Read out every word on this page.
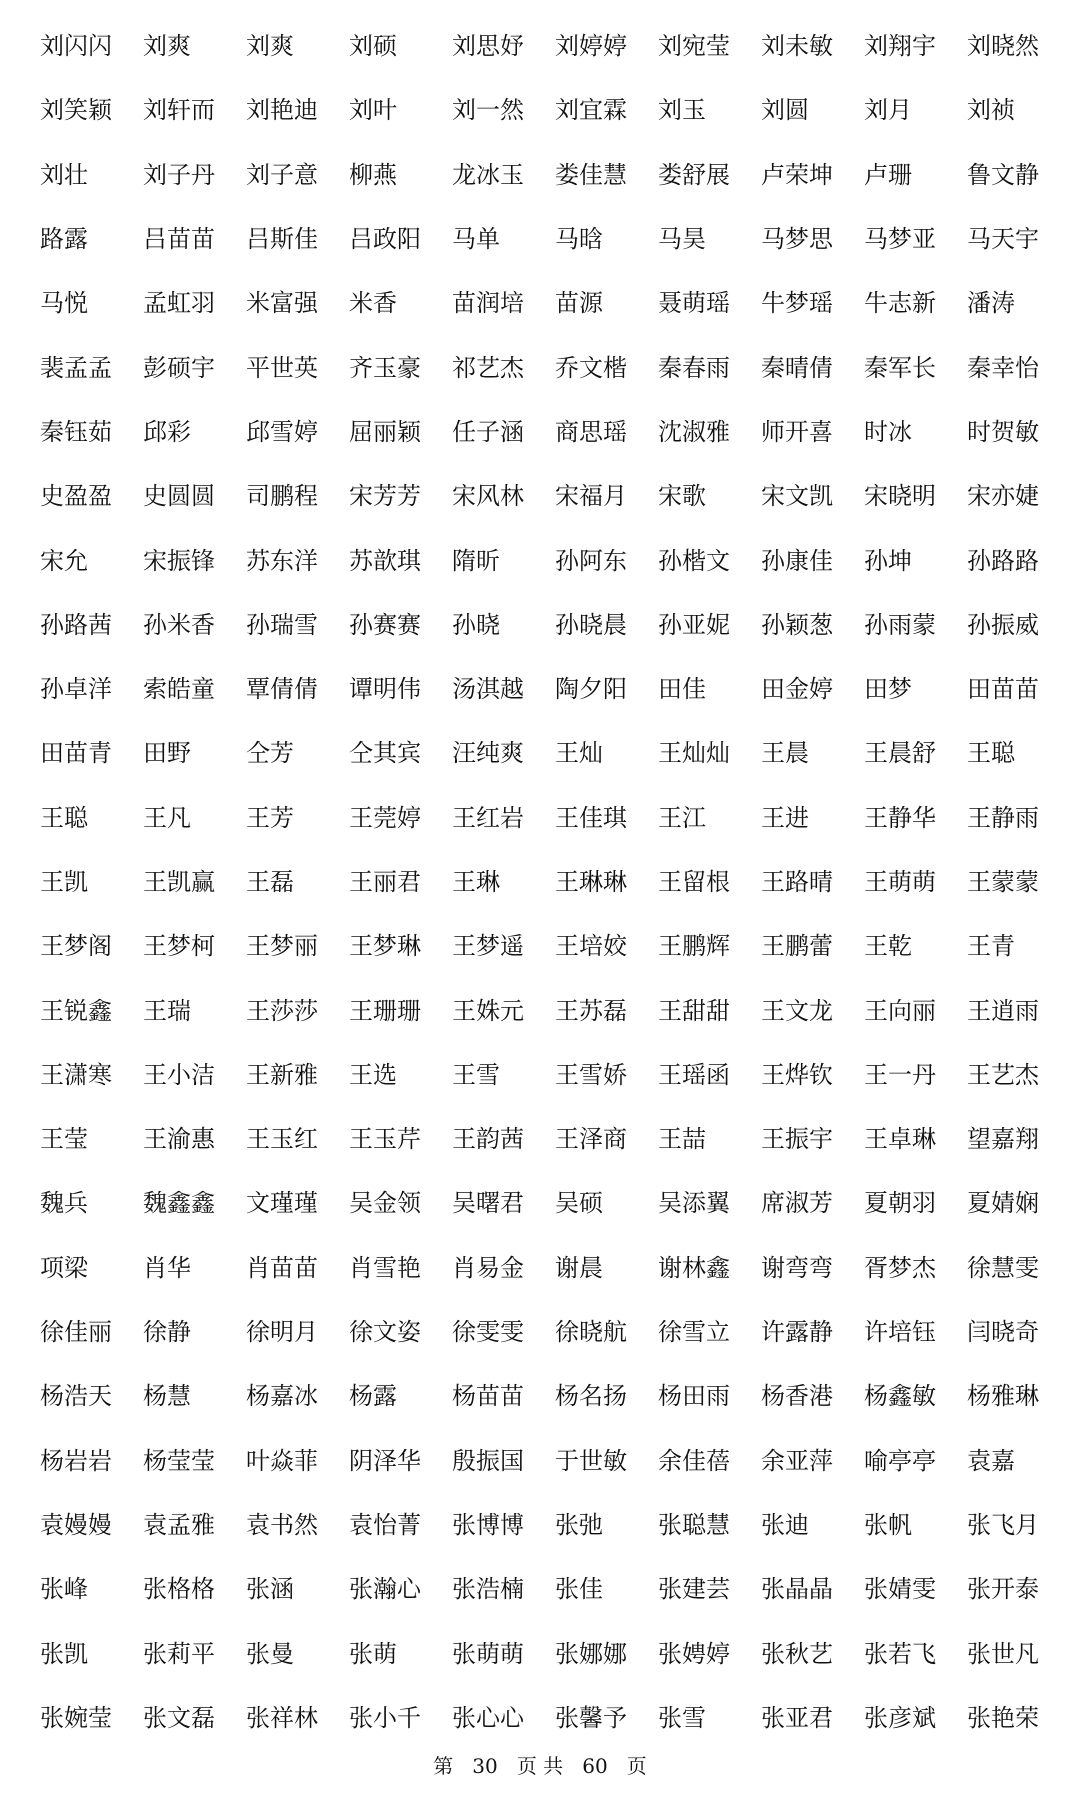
刘闪闪	刘爽	刘爽	刘硕	刘思妤	刘婷婷	刘宛莹	刘未敏	刘翔宇	刘晓然
刘笑颖	刘轩而	刘艳迪	刘叶	刘一然	刘宜霖	刘玉	刘圆	刘月	刘祯
刘壮	刘子丹	刘子意	柳燕	龙冰玉	娄佳慧	娄舒展	卢荣坤	卢珊	鲁文静
路露	吕苗苗	吕斯佳	吕政阳	马单	马晗	马昊	马梦思	马梦亚	马天宇
马悦	孟虹羽	米富强	米香	苗润培	苗源	聂萌瑶	牛梦瑶	牛志新	潘涛
裴孟孟	彭硕宇	平世英	齐玉豪	祁艺杰	乔文楷	秦春雨	秦晴倩	秦军长	秦幸怡
秦钰茹	邱彩	邱雪婷	屈丽颖	任子涵	商思瑶	沈淑雅	师开喜	时冰	时贺敏
史盈盈	史圆圆	司鹏程	宋芳芳	宋风林	宋福月	宋歌	宋文凯	宋晓明	宋亦婕
宋允	宋振锋	苏东洋	苏歆琪	隋昕	孙阿东	孙楷文	孙康佳	孙坤	孙路路
孙路茜	孙米香	孙瑞雪	孙赛赛	孙晓	孙晓晨	孙亚妮	孙颖葱	孙雨蒙	孙振威
孙卓洋	索皓童	覃倩倩	谭明伟	汤淇越	陶夕阳	田佳	田金婷	田梦	田苗苗
田苗青	田野	仝芳	仝其宾	汪纯爽	王灿	王灿灿	王晨	王晨舒	王聪
王聪	王凡	王芳	王莞婷	王红岩	王佳琪	王江	王进	王静华	王静雨
王凯	王凯赢	王磊	王丽君	王琳	王琳琳	王留根	王路晴	王萌萌	王蒙蒙
王梦阁	王梦柯	王梦丽	王梦琳	王梦遥	王培姣	王鹏辉	王鹏蕾	王乾	王青
王锐鑫	王瑞	王莎莎	王珊珊	王姝元	王苏磊	王甜甜	王文龙	王向丽	王逍雨
王潇寒	王小洁	王新雅	王选	王雪	王雪娇	王瑶函	王烨钦	王一丹	王艺杰
王莹	王渝惠	王玉红	王玉芹	王韵茜	王泽商	王喆	王振宇	王卓琳	望嘉翔
魏兵	魏鑫鑫	文瑾瑾	吴金领	吴曙君	吴硕	吴添翼	席淑芳	夏朝羽	夏婧娴
项梁	肖华	肖苗苗	肖雪艳	肖易金	谢晨	谢林鑫	谢弯弯	胥梦杰	徐慧雯
徐佳丽	徐静	徐明月	徐文姿	徐雯雯	徐晓航	徐雪立	许露静	许培钰	闫晓奇
杨浩天	杨慧	杨嘉冰	杨露	杨苗苗	杨名扬	杨田雨	杨香港	杨鑫敏	杨雅琳
杨岩岩	杨莹莹	叶焱菲	阴泽华	殷振国	于世敏	余佳蓓	余亚萍	喻亭亭	袁嘉
袁嫚嫚	袁孟雅	袁书然	袁怡菁	张博博	张弛	张聪慧	张迪	张帆	张飞月
张峰	张格格	张涵	张瀚心	张浩楠	张佳	张建芸	张晶晶	张婧雯	张开泰
张凯	张莉平	张曼	张萌	张萌萌	张娜娜	张娉婷	张秋艺	张若飞	张世凡
张婉莹	张文磊	张祥林	张小千	张心心	张馨予	张雪	张亚君	张彦斌	张艳荣
第 30 页 共 60 页
